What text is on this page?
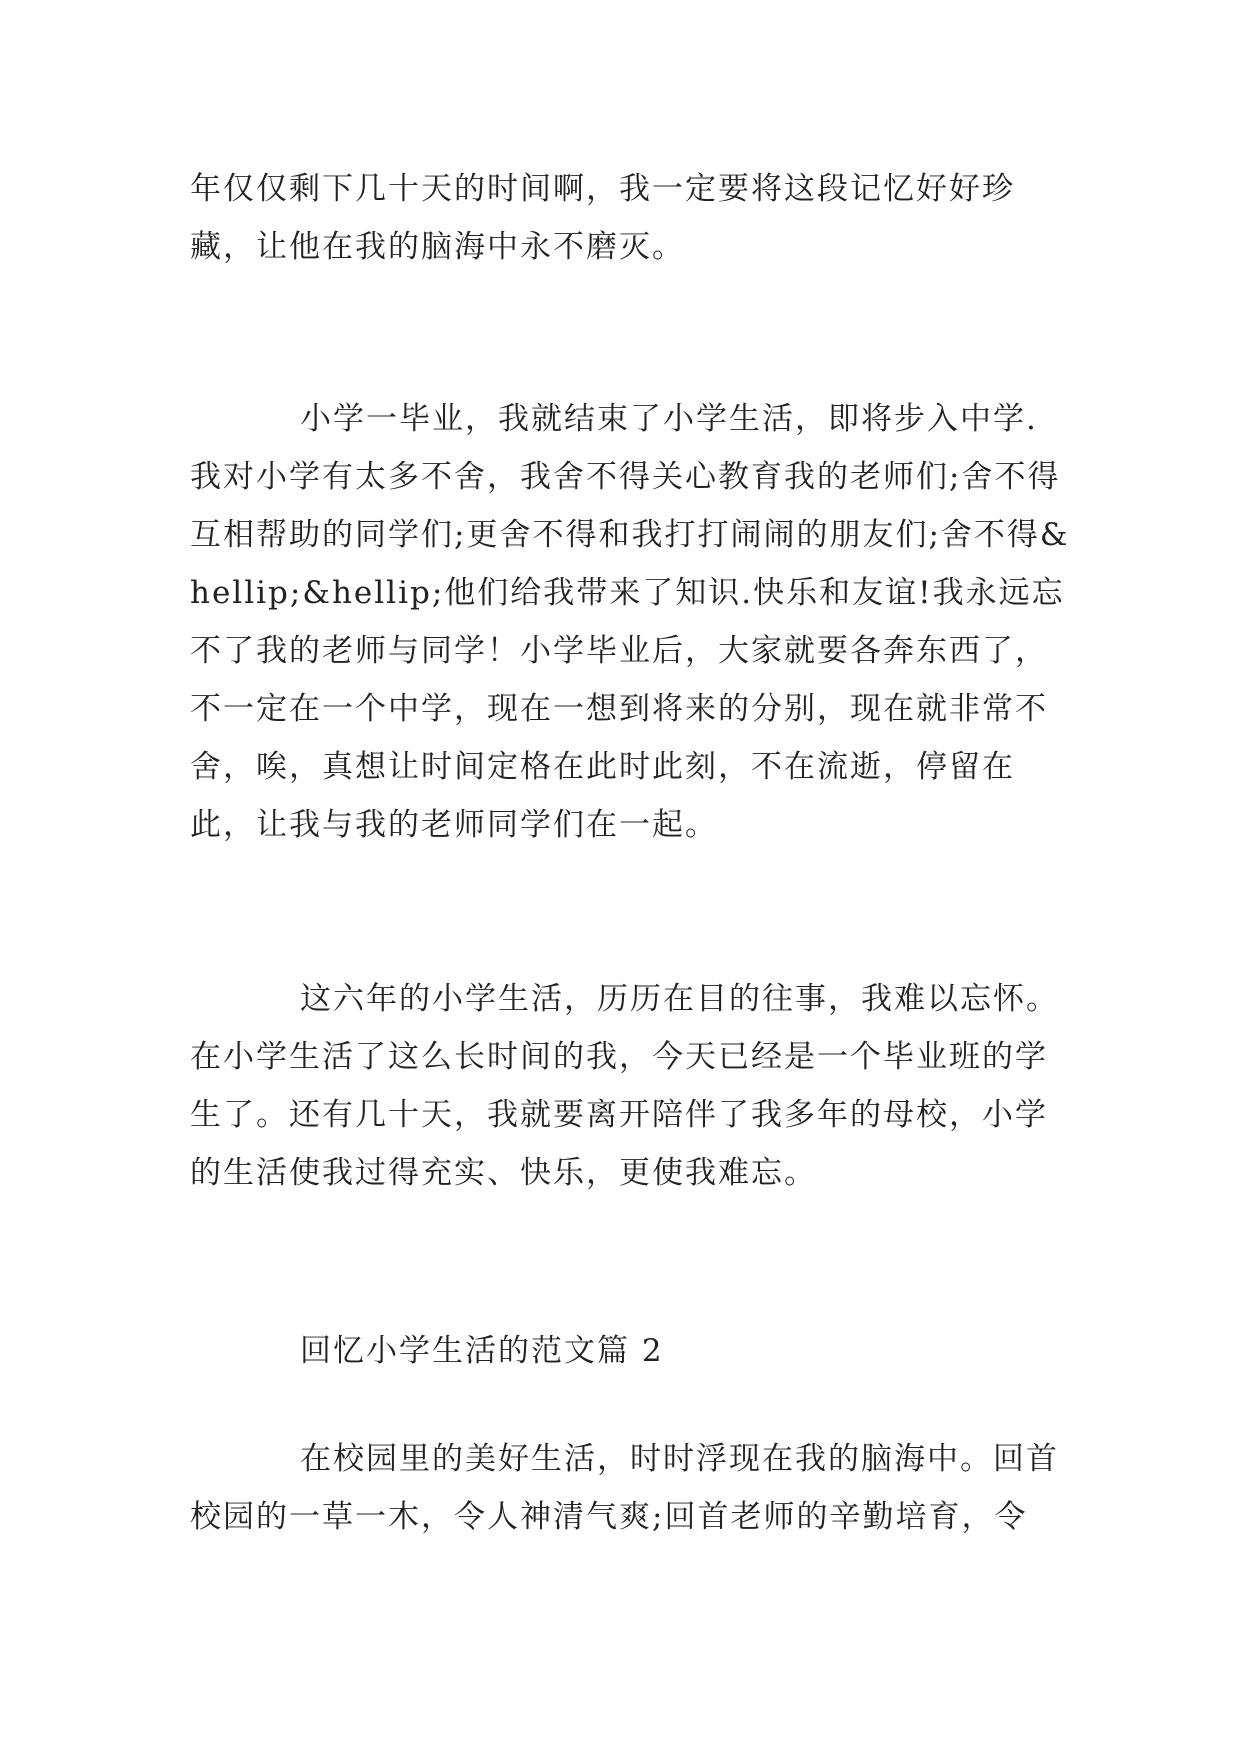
年仅仅剩下几十天的时间啊，我一定要将这段记忆好好珍藏，让他在我的脑海中永不磨灭。

小学一毕业，我就结束了小学生活，即将步入中学.我对小学有太多不舍，我舍不得关心教育我的老师们;舍不得互相帮助的同学们;更舍不得和我打打闹闹的朋友们;舍不得&hellip;&hellip;他们给我带来了知识.快乐和友谊!我永远忘不了我的老师与同学！小学毕业后，大家就要各奔东西了，不一定在一个中学，现在一想到将来的分别，现在就非常不舍，唉，真想让时间定格在此时此刻，不在流逝，停留在此，让我与我的老师同学们在一起。

这六年的小学生活，历历在目的往事，我难以忘怀。在小学生活了这么长时间的我，今天已经是一个毕业班的学生了。还有几十天，我就要离开陪伴了我多年的母校，小学的生活使我过得充实、快乐，更使我难忘。

回忆小学生活的范文篇 2

在校园里的美好生活，时时浮现在我的脑海中。回首校园的一草一木，令人神清气爽;回首老师的辛勤培育，令
